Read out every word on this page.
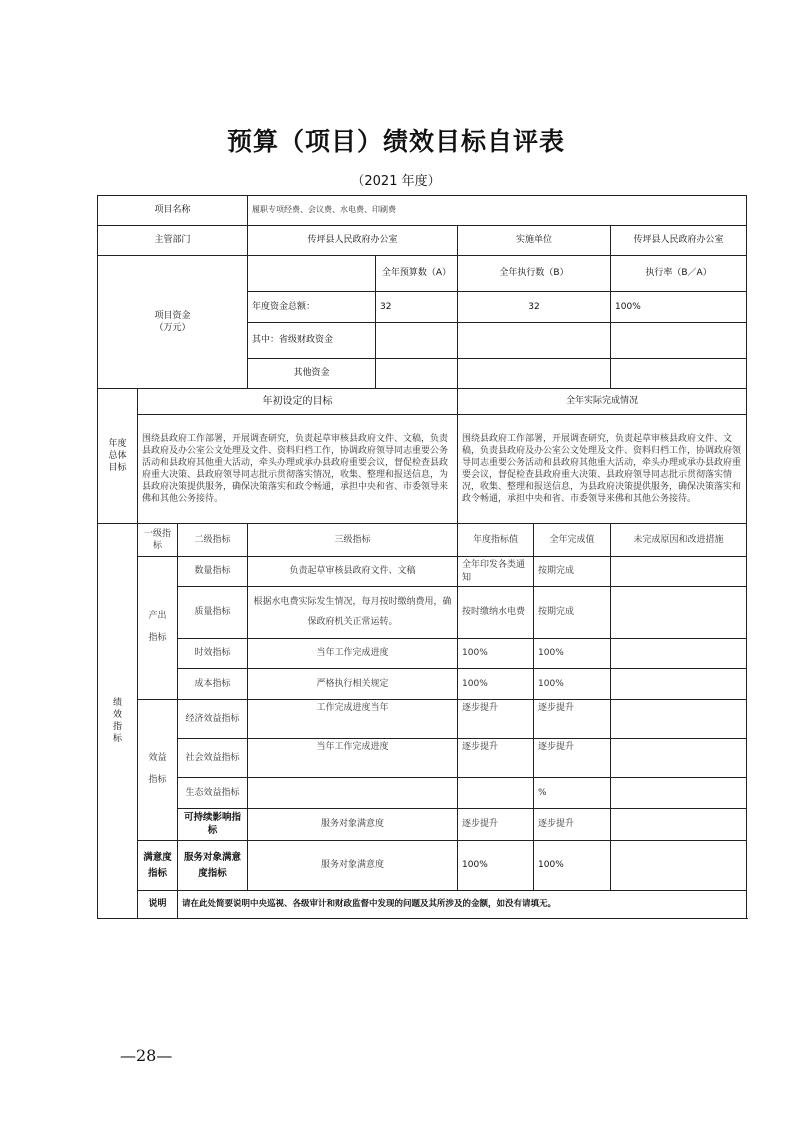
预算（项目）绩效目标自评表
（2021 年度）
项目名称			履职专项经费、会议费、水电费、印刷费				
主管部门			传坪县人民政府办公室		实施单位		传坪县人民政府办公室

项目资金
（万元）				全年预算数（A）	全年执行数（B）		执行率（B／A）
			年度资金总额：	32	32		100%
			其中：省级财政资金				
			其他资金				
年度总体目标	年初设定的目标				全年实际完成情况		
	围绕县政府工作部署，开展调查研究，负责起草审核县政府文件、文稿，负责县政府及办公室公文处理及文件、资料归档工作，协调政府领导同志重要公务活动和县政府其他重大活动，牵头办理或承办县政府重要会议，督促检查县政府重大决策、县政府领导同志批示贯彻落实情况，收集、整理和报送信息，为县政府决策提供服务，确保决策落实和政令畅通，承担中央和省、市委领导来佛和其他公务接待。				围绕县政府工作部署，开展调查研究，负责起草审核县政府文件、文稿，负责县政府及办公室公文处理及文件、资料归档工作，协调政府领导同志重要公务活动和县政府其他重大活动，牵头办理或承办县政府重要会议，督促检查县政府重大决策、县政府领导同志批示贯彻落实情况，收集、整理和报送信息，为县政府决策提供服务，确保决策落实和政令畅通，承担中央和省、市委领导来佛和其他公务接待。		
绩效指标	一级指标	二级指标	三级指标		年度指标值	全年完成值	未完成原因和改进措施
	产出指标	数量指标	负责起草审核县政府文件、文稿		全年印发各类通知	按期完成	
		质量指标	根据水电费实际发生情况，每月按时缴纳费用，确保政府机关正常运转。		按时缴纳水电费	按期完成	
		时效指标	当年工作完成进度		100%	100%	
		成本指标	严格执行相关规定		100%	100%	
	效益指标	经济效益指标	工作完成进度当年		逐步提升	逐步提升	
		社会效益指标	当年工作完成进度		逐步提升	逐步提升	
		生态效益指标				%	
		可持续影响指标	服务对象满意度		逐步提升	逐步提升	
	满意度指标	服务对象满意度指标	服务对象满意度		100%	100%	
	说明	请在此处简要说明中央巡视、各级审计和财政监督中发现的问题及其所涉及的金额，如没有请填无。					
—28—
